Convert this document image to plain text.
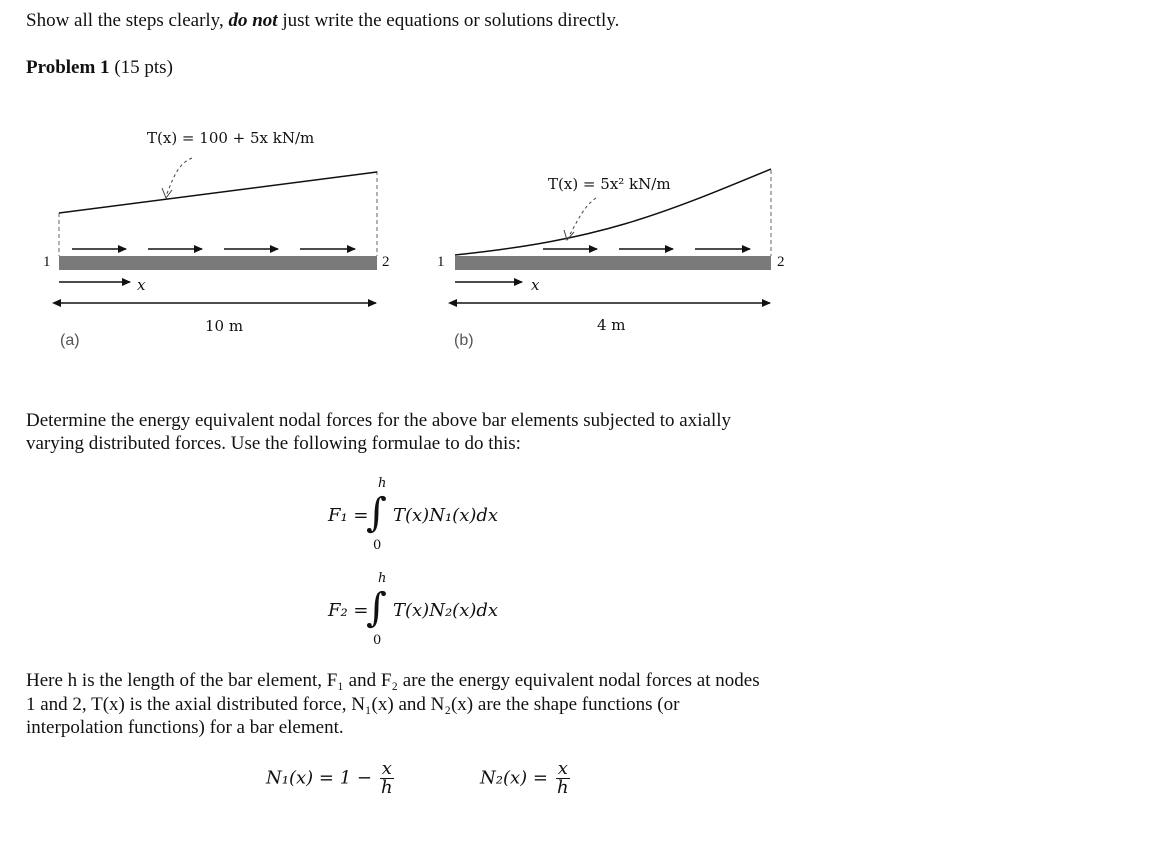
Show all the steps clearly, do not just write the equations or solutions directly.
Problem 1 (15 pts)
T(x) = 100 + 5x kN/m
1	2
x
10 m
(a)
T(x) = 5x² kN/m
1	2
x
4 m
(b)
Determine the energy equivalent nodal forces for the above bar elements subjected to axially
varying distributed forces. Use the following formulae to do this:
F₁ =
∫
h
0
T(x)N₁(x)dx
F₂ =
∫
h
0
T(x)N₂(x)dx
Here h is the length of the bar element, F₁ and F₂ are the energy equivalent nodal forces at nodes
1 and 2, T(x) is the axial distributed force, N₁(x) and N₂(x) are the shape functions (or
interpolation functions) for a bar element.
$N_1(x) = 1 - \frac{x}{h}$	$N_2(x) = \frac{x}{h}$
